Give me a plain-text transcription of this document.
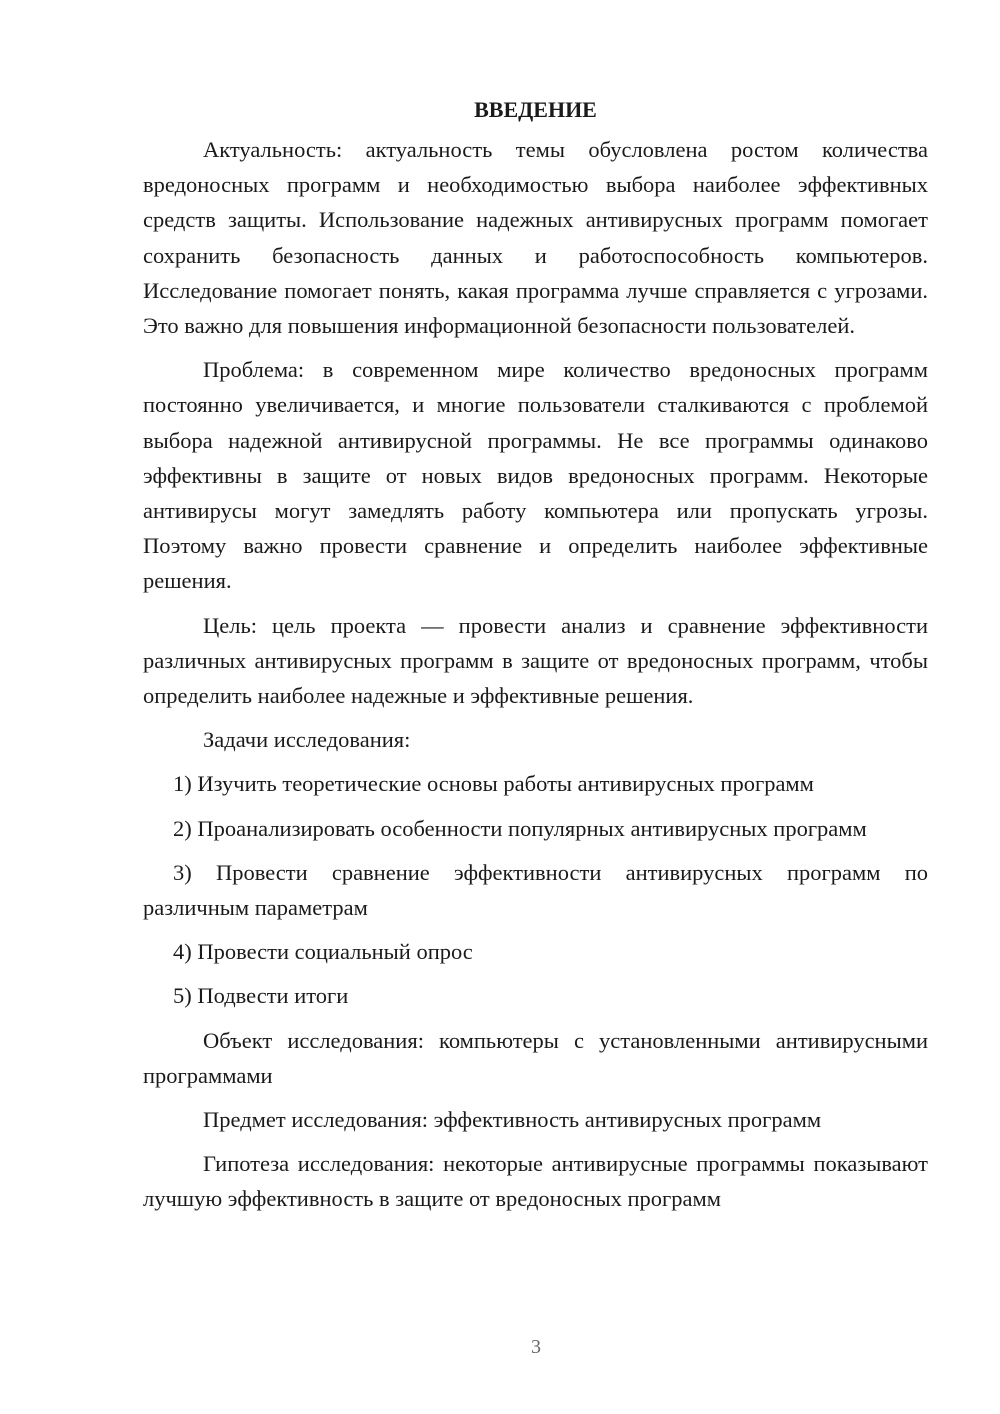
ВВЕДЕНИЕ

Актуальность: актуальность темы обусловлена ростом количества вредоносных программ и необходимостью выбора наиболее эффективных средств защиты. Использование надежных антивирусных программ помогает сохранить безопасность данных и работоспособность компьютеров. Исследование помогает понять, какая программа лучше справляется с угрозами. Это важно для повышения информационной безопасности пользователей.

Проблема: в современном мире количество вредоносных программ постоянно увеличивается, и многие пользователи сталкиваются с проблемой выбора надежной антивирусной программы. Не все программы одинаково эффективны в защите от новых видов вредоносных программ. Некоторые антивирусы могут замедлять работу компьютера или пропускать угрозы. Поэтому важно провести сравнение и определить наиболее эффективные решения.

Цель: цель проекта — провести анализ и сравнение эффективности различных антивирусных программ в защите от вредоносных программ, чтобы определить наиболее надежные и эффективные решения.

Задачи исследования:

1) Изучить теоретические основы работы антивирусных программ

2) Проанализировать особенности популярных антивирусных программ

3) Провести сравнение эффективности антивирусных программ по различным параметрам

4) Провести социальный опрос

5) Подвести итоги

Объект исследования: компьютеры с установленными антивирусными программами

Предмет исследования: эффективность антивирусных программ

Гипотеза исследования: некоторые антивирусные программы показывают лучшую эффективность в защите от вредоносных программ

3
